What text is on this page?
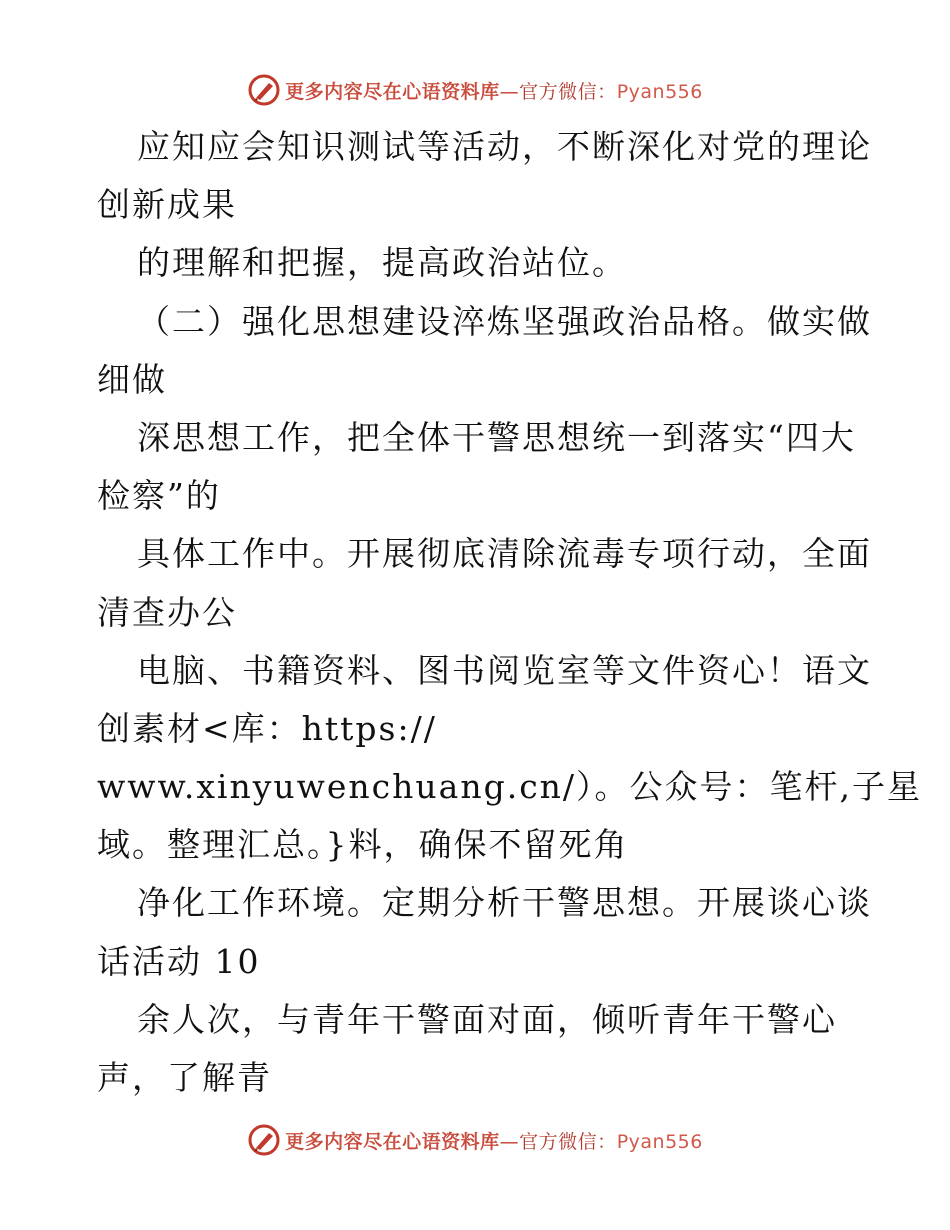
更多内容尽在心语资料库—官方微信：Pyan556
应知应会知识测试等活动，不断深化对党的理论
创新成果
的理解和把握，提高政治站位。
（二）强化思想建设淬炼坚强政治品格。做实做
细做
深思想工作，把全体干警思想统一到落实“四大
检察”的
具体工作中。开展彻底清除流毒专项行动，全面
清查办公
电脑、书籍资料、图书阅览室等文件资心！语文
创素材<库：https://
www.xinyuwenchuang.cn/）。公众号：笔杆,子星
域。整理汇总。}料，确保不留死角
净化工作环境。定期分析干警思想。开展谈心谈
话活动 10
余人次，与青年干警面对面，倾听青年干警心
声，了解青
更多内容尽在心语资料库—官方微信：Pyan556
